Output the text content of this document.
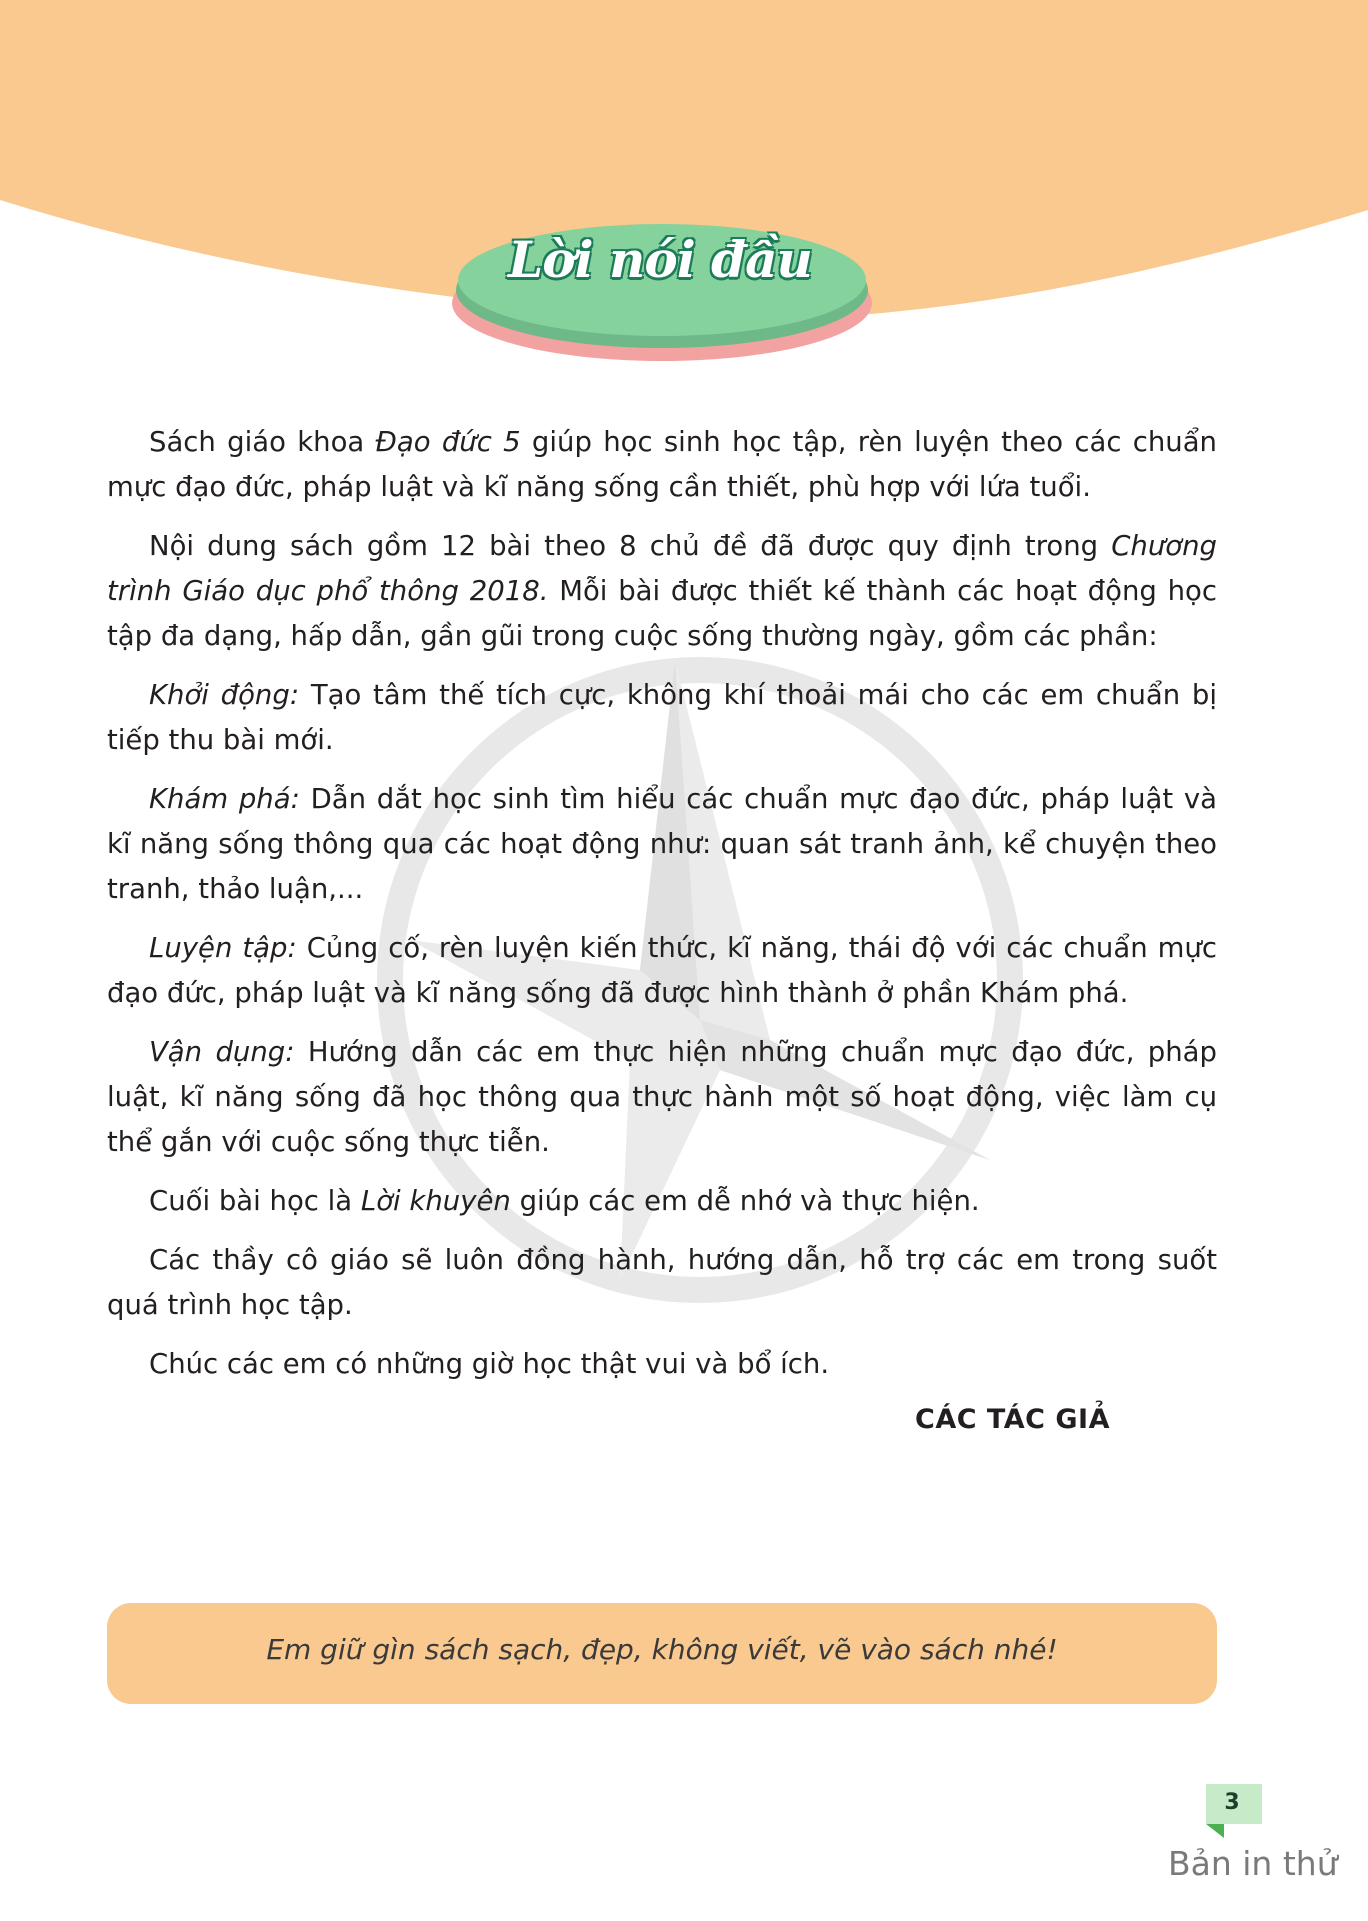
Lời nói đầu

Sách giáo khoa Đạo đức 5 giúp học sinh học tập, rèn luyện theo các chuẩn mực đạo đức, pháp luật và kĩ năng sống cần thiết, phù hợp với lứa tuổi.

Nội dung sách gồm 12 bài theo 8 chủ đề đã được quy định trong Chương trình Giáo dục phổ thông 2018. Mỗi bài được thiết kế thành các hoạt động học tập đa dạng, hấp dẫn, gần gũi trong cuộc sống thường ngày, gồm các phần:

Khởi động: Tạo tâm thế tích cực, không khí thoải mái cho các em chuẩn bị tiếp thu bài mới.

Khám phá: Dẫn dắt học sinh tìm hiểu các chuẩn mực đạo đức, pháp luật và kĩ năng sống thông qua các hoạt động như: quan sát tranh ảnh, kể chuyện theo tranh, thảo luận,...

Luyện tập: Củng cố, rèn luyện kiến thức, kĩ năng, thái độ với các chuẩn mực đạo đức, pháp luật và kĩ năng sống đã được hình thành ở phần Khám phá.

Vận dụng: Hướng dẫn các em thực hiện những chuẩn mực đạo đức, pháp luật, kĩ năng sống đã học thông qua thực hành một số hoạt động, việc làm cụ thể gắn với cuộc sống thực tiễn.

Cuối bài học là Lời khuyên giúp các em dễ nhớ và thực hiện.

Các thầy cô giáo sẽ luôn đồng hành, hướng dẫn, hỗ trợ các em trong suốt quá trình học tập.

Chúc các em có những giờ học thật vui và bổ ích.

CÁC TÁC GIẢ
Em giữ gìn sách sạch, đẹp, không viết, vẽ vào sách nhé!
3
Bản in thử
